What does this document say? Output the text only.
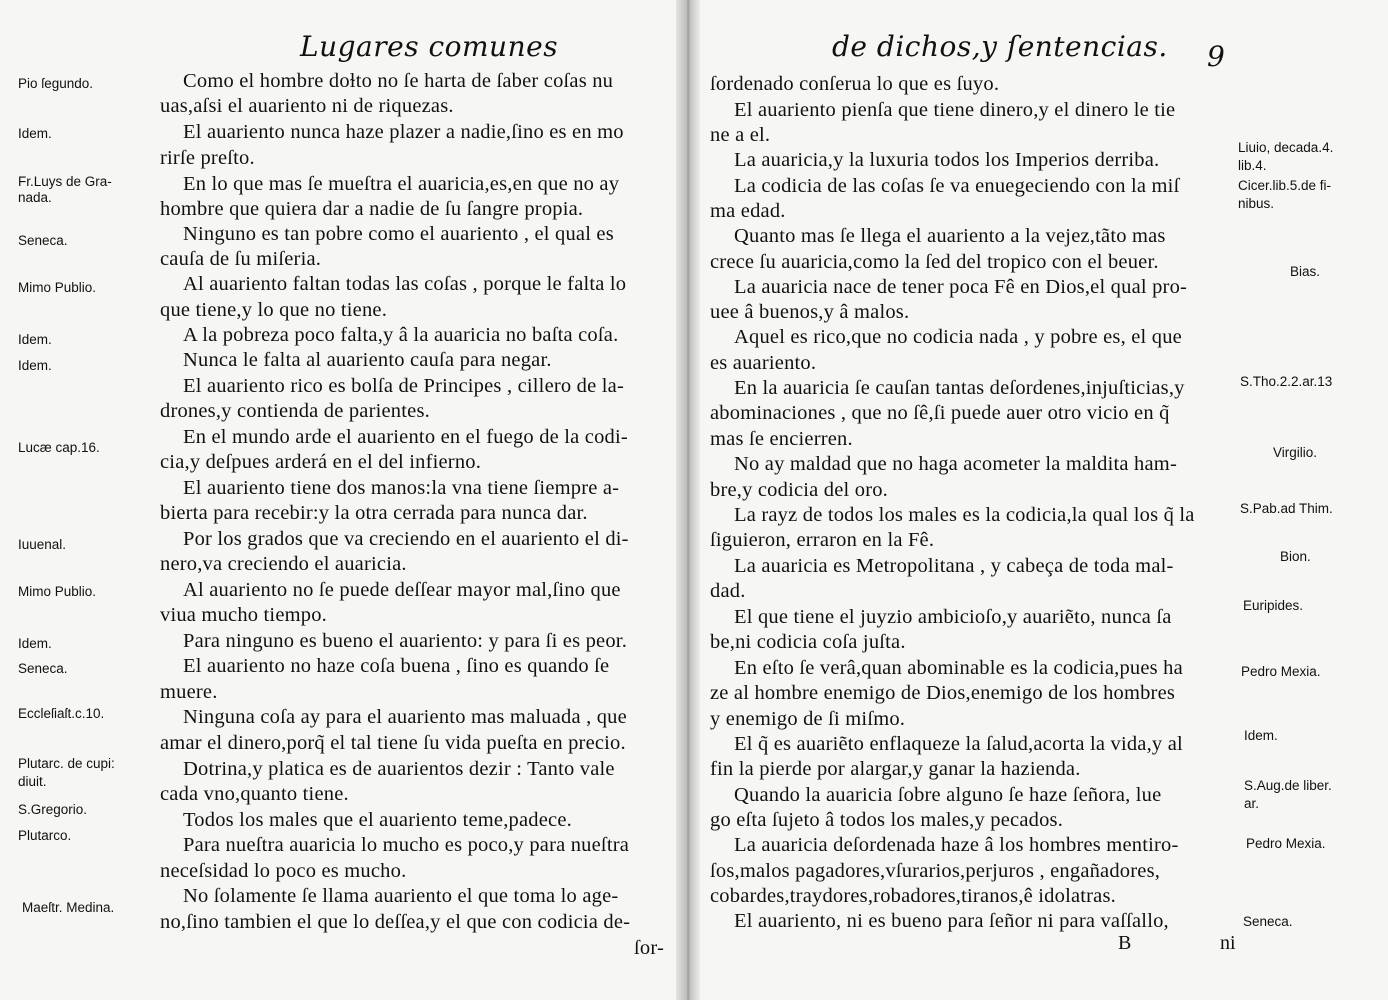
Lugares comunes	de dichos,y ſentencias. 9
Como el hombre doɫto no ſe harta de ſaber coſas nu
uas,aſsi el auariento ni de riquezas.
El auariento nunca haze plazer a nadie,ſino es en mo
rirſe preſto.
En lo que mas ſe mueſtra el auaricia,es,en que no ay
hombre que quiera dar a nadie de ſu ſangre propia.
Ninguno es tan pobre como el auariento , el qual es
cauſa de ſu miſeria.
Al auariento faltan todas las coſas , porque le falta lo
que tiene,y lo que no tiene.
A la pobreza poco falta,y â la auaricia no baſta coſa.
Nunca le falta al auariento cauſa para negar.
El auariento rico es bolſa de Principes , cillero de la-
drones,y contienda de parientes.
En el mundo arde el auariento en el fuego de la codi-
cia,y deſpues arderá en el del infierno.
El auariento tiene dos manos:la vna tiene ſiempre a-
bierta para recebir:y la otra cerrada para nunca dar.
Por los grados que va creciendo en el auariento el di-
nero,va creciendo el auaricia.
Al auariento no ſe puede deſſear mayor mal,ſino que
viua mucho tiempo.
Para ninguno es bueno el auariento: y para ſi es peor.
El auariento no haze coſa buena , ſino es quando ſe
muere.
Ninguna coſa ay para el auariento mas maluada , que
amar el dinero,porq̃ el tal tiene ſu vida pueſta en precio.
Dotrina,y platica es de auarientos dezir : Tanto vale
cada vno,quanto tiene.
Todos los males que el auariento teme,padece.
Para nueſtra auaricia lo mucho es poco,y para nueſtra
neceſsidad lo poco es mucho.
No ſolamente ſe llama auariento el que toma lo age-
no,ſino tambien el que lo deſſea,y el que con codicia de-
ſor-
Pio ſegundo.
Idem.
Fr.Luys de Gra-
nada.
Seneca.
Mimo Publio.
Idem.
Idem.
Lucæ cap.16.
Iuuenal.
Mimo Publio.
Idem.
Seneca.
Eccleſiaſt.c.10.
Plutarc. de cupi:
diuit.
S.Gregorio.
Plutarco.
Maeſtr. Medina.
ſordenado conſerua lo que es ſuyo.
El auariento pienſa que tiene dinero,y el dinero le tie
ne a el.
La auaricia,y la luxuria todos los Imperios derriba.
La codicia de las coſas ſe va enuegeciendo con la miſ
ma edad.
Quanto mas ſe llega el auariento a la vejez,tãto mas
crece ſu auaricia,como la ſed del tropico con el beuer.
La auaricia nace de tener poca Fê en Dios,el qual pro-
uee â buenos,y â malos.
Aquel es rico,que no codicia nada , y pobre es, el que
es auariento.
En la auaricia ſe cauſan tantas deſordenes,injuſticias,y
abominaciones , que no ſê,ſi puede auer otro vicio en q̃
mas ſe encierren.
No ay maldad que no haga acometer la maldita ham-
bre,y codicia del oro.
La rayz de todos los males es la codicia,la qual los q̃ la
ſiguieron, erraron en la Fê.
La auaricia es Metropolitana , y cabeça de toda mal-
dad.
El que tiene el juyzio ambicioſo,y auariẽto, nunca ſa
be,ni codicia coſa juſta.
En eſto ſe verâ,quan abominable es la codicia,pues ha
ze al hombre enemigo de Dios,enemigo de los hombres
y enemigo de ſi miſmo.
El q̃ es auariẽto enflaqueze la ſalud,acorta la vida,y al
fin la pierde por alargar,y ganar la hazienda.
Quando la auaricia ſobre alguno ſe haze ſeñora, lue
go eſta ſujeto â todos los males,y pecados.
La auaricia deſordenada haze â los hombres mentiro-
ſos,malos pagadores,vſurarios,perjuros , engañadores,
cobardes,traydores,robadores,tiranos,ê idolatras.
El auariento, ni es bueno para ſeñor ni para vaſſallo,
Liuio, decada.4.
lib.4.
Cicer.lib.5.de fi-
nibus.
Bias.
S.Tho.2.2.ar.13
Virgilio.
S.Pab.ad Thim.
Bion.
Euripides.
Pedro Mexia.
Idem.
S.Aug.de liber.
ar.
Pedro Mexia.
Seneca.
B	ni
